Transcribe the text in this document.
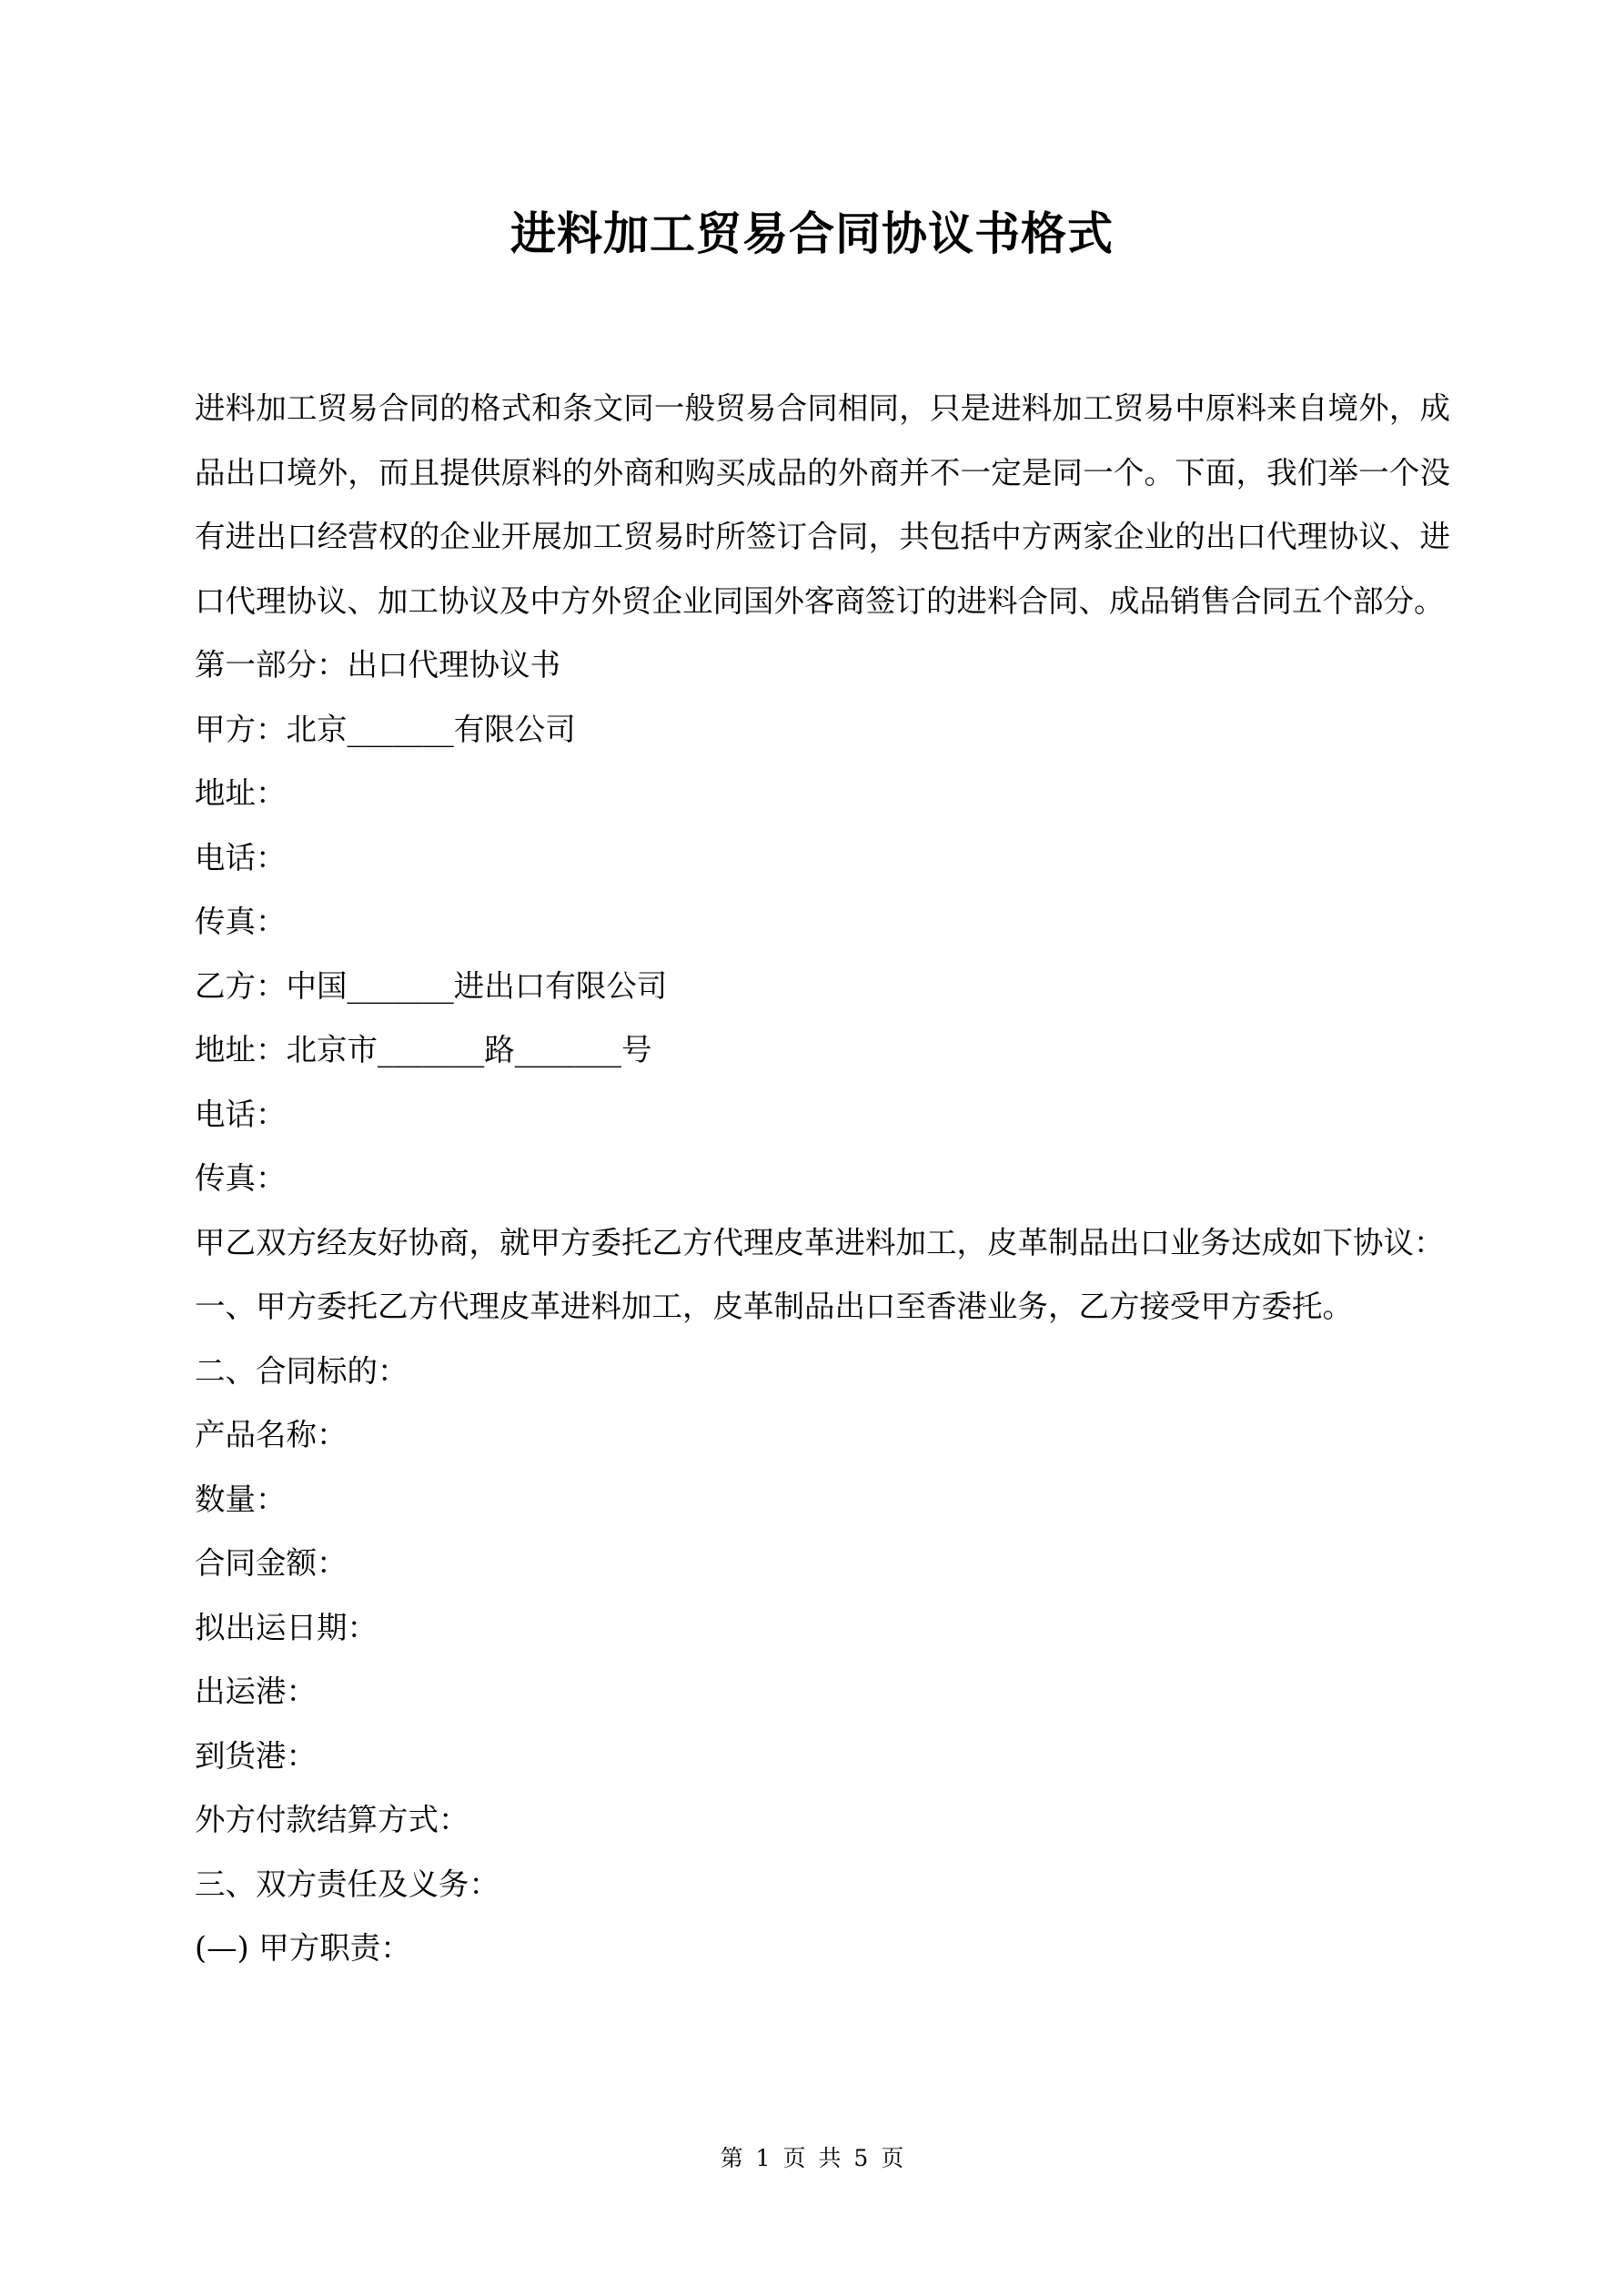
进料加工贸易合同协议书格式

进料加工贸易合同的格式和条文同一般贸易合同相同，只是进料加工贸易中原料来自境外，成品出口境外，而且提供原料的外商和购买成品的外商并不一定是同一个。下面，我们举一个没有进出口经营权的企业开展加工贸易时所签订合同，共包括中方两家企业的出口代理协议、进口代理协议、加工协议及中方外贸企业同国外客商签订的进料合同、成品销售合同五个部分。

第一部分：出口代理协议书

甲方：北京_______有限公司

地址：

电话：

传真：

乙方：中国_______进出口有限公司

地址：北京市_______路_______号

电话：

传真：

甲乙双方经友好协商，就甲方委托乙方代理皮革进料加工，皮革制品出口业务达成如下协议：

一、甲方委托乙方代理皮革进料加工，皮革制品出口至香港业务，乙方接受甲方委托。

二、合同标的：

产品名称：

数量：

合同金额：

拟出运日期：

出运港：

到货港：

外方付款结算方式：

三、双方责任及义务：

(—) 甲方职责：

第 1 页 共 5 页
